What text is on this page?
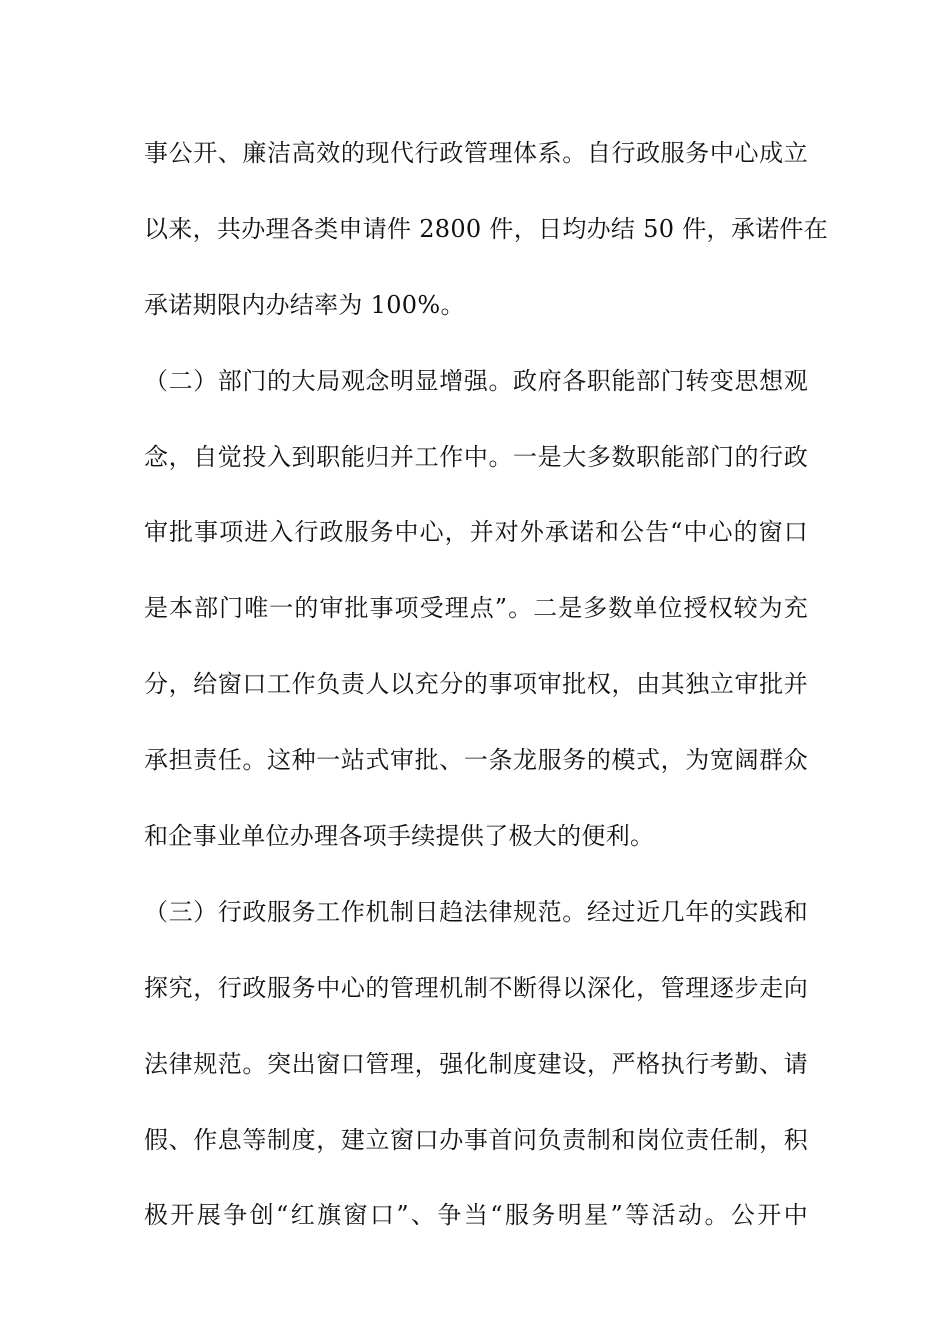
事公开、廉洁高效的现代行政管理体系。自行政服务中心成立
以来，共办理各类申请件 2800 件，日均办结 50 件，承诺件在
承诺期限内办结率为 100%。
（二）部门的大局观念明显增强。政府各职能部门转变思想观
念，自觉投入到职能归并工作中。一是大多数职能部门的行政
审批事项进入行政服务中心，并对外承诺和公告“中心的窗口
是本部门唯一的审批事项受理点”。二是多数单位授权较为充
分，给窗口工作负责人以充分的事项审批权，由其独立审批并
承担责任。这种一站式审批、一条龙服务的模式，为宽阔群众
和企事业单位办理各项手续提供了极大的便利。
（三）行政服务工作机制日趋法律规范。经过近几年的实践和
探究，行政服务中心的管理机制不断得以深化，管理逐步走向
法律规范。突出窗口管理，强化制度建设，严格执行考勤、请
假、作息等制度，建立窗口办事首问负责制和岗位责任制，积
极开展争创“红旗窗口”、争当“服务明星”等活动。公开中
